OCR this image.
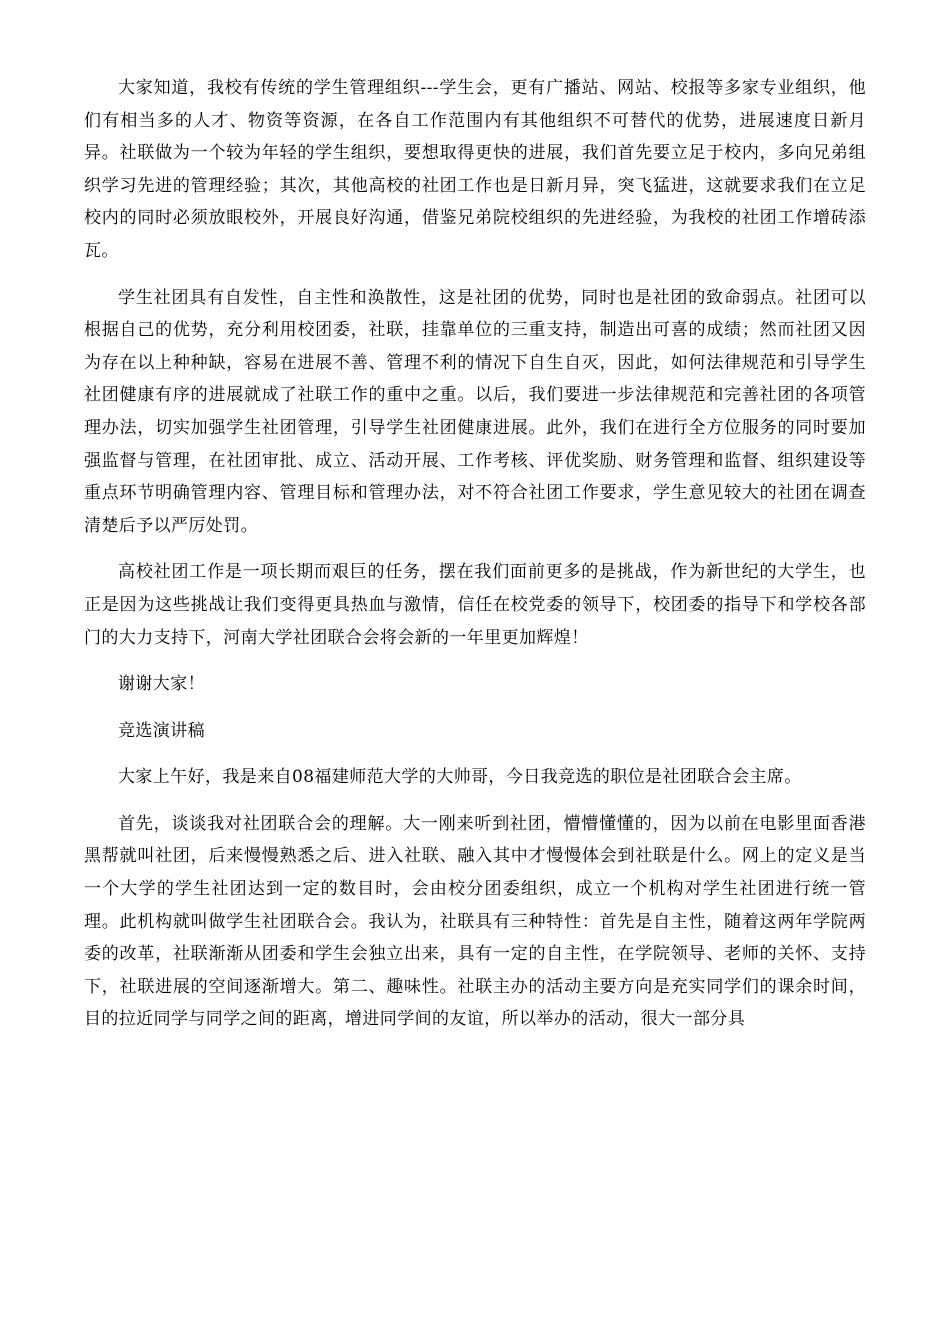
大家知道，我校有传统的学生管理组织---学生会，更有广播站、网站、校报等多家专业组织，他们有相当多的人才、物资等资源，在各自工作范围内有其他组织不可替代的优势，进展速度日新月异。社联做为一个较为年轻的学生组织，要想取得更快的进展，我们首先要立足于校内，多向兄弟组织学习先进的管理经验；其次，其他高校的社团工作也是日新月异，突飞猛进，这就要求我们在立足校内的同时必须放眼校外，开展良好沟通，借鉴兄弟院校组织的先进经验，为我校的社团工作增砖添瓦。

学生社团具有自发性，自主性和涣散性，这是社团的优势，同时也是社团的致命弱点。社团可以根据自己的优势，充分利用校团委，社联，挂靠单位的三重支持，制造出可喜的成绩；然而社团又因为存在以上种种缺，容易在进展不善、管理不利的情况下自生自灭，因此，如何法律规范和引导学生社团健康有序的进展就成了社联工作的重中之重。以后，我们要进一步法律规范和完善社团的各项管理办法，切实加强学生社团管理，引导学生社团健康进展。此外，我们在进行全方位服务的同时要加强监督与管理，在社团审批、成立、活动开展、工作考核、评优奖励、财务管理和监督、组织建设等重点环节明确管理内容、管理目标和管理办法，对不符合社团工作要求，学生意见较大的社团在调查清楚后予以严厉处罚。

高校社团工作是一项长期而艰巨的任务，摆在我们面前更多的是挑战，作为新世纪的大学生，也正是因为这些挑战让我们变得更具热血与激情，信任在校党委的领导下，校团委的指导下和学校各部门的大力支持下，河南大学社团联合会将会新的一年里更加辉煌！

谢谢大家！

竞选演讲稿

大家上午好，我是来自08福建师范大学的大帅哥，今日我竞选的职位是社团联合会主席。

首先，谈谈我对社团联合会的理解。大一刚来听到社团，懵懵懂懂的，因为以前在电影里面香港黑帮就叫社团，后来慢慢熟悉之后、进入社联、融入其中才慢慢体会到社联是什么。网上的定义是当一个大学的学生社团达到一定的数目时，会由校分团委组织，成立一个机构对学生社团进行统一管理。此机构就叫做学生社团联合会。我认为，社联具有三种特性：首先是自主性，随着这两年学院两委的改革，社联渐渐从团委和学生会独立出来，具有一定的自主性，在学院领导、老师的关怀、支持下，社联进展的空间逐渐增大。第二、趣味性。社联主办的活动主要方向是充实同学们的课余时间，目的拉近同学与同学之间的距离，增进同学间的友谊，所以举办的活动，很大一部分具
